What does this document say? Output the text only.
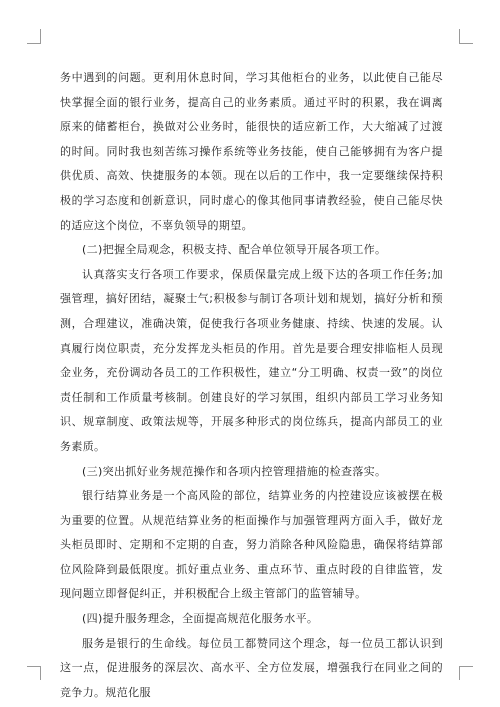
务中遇到的问题。更利用休息时间，学习其他柜台的业务，以此使自己能尽快掌握全面的银行业务，提高自己的业务素质。通过平时的积累，我在调离原来的储蓄柜台，换做对公业务时，能很快的适应新工作，大大缩减了过渡的时间。同时我也刻苦练习操作系统等业务技能，使自己能够拥有为客户提供优质、高效、快捷服务的本领。现在以后的工作中，我一定要继续保持积极的学习态度和创新意识，同时虚心的像其他同事请教经验，使自己能尽快的适应这个岗位，不辜负领导的期望。

(二)把握全局观念，积极支持、配合单位领导开展各项工作。

认真落实支行各项工作要求，保质保量完成上级下达的各项工作任务;加强管理，搞好团结，凝聚士气;积极参与制订各项计划和规划，搞好分析和预测，合理建议，准确决策，促使我行各项业务健康、持续、快速的发展。认真履行岗位职责，充分发挥龙头柜员的作用。首先是要合理安排临柜人员现金业务，充份调动各员工的工作积极性，建立“分工明确、权责一致”的岗位责任制和工作质量考核制。创建良好的学习氛围，组织内部员工学习业务知识、规章制度、政策法规等，开展多种形式的岗位练兵，提高内部员工的业务素质。

(三)突出抓好业务规范操作和各项内控管理措施的检查落实。

银行结算业务是一个高风险的部位，结算业务的内控建设应该被摆在极为重要的位置。从规范结算业务的柜面操作与加强管理两方面入手，做好龙头柜员即时、定期和不定期的自查，努力消除各种风险隐患，确保将结算部位风险降到最低限度。抓好重点业务、重点环节、重点时段的自律监管，发现问题立即督促纠正，并积极配合上级主管部门的监管辅导。

(四)提升服务理念，全面提高规范化服务水平。

服务是银行的生命线。每位员工都赞同这个理念，每一位员工都认识到这一点，促进服务的深层次、高水平、全方位发展，增强我行在同业之间的竞争力。规范化服
